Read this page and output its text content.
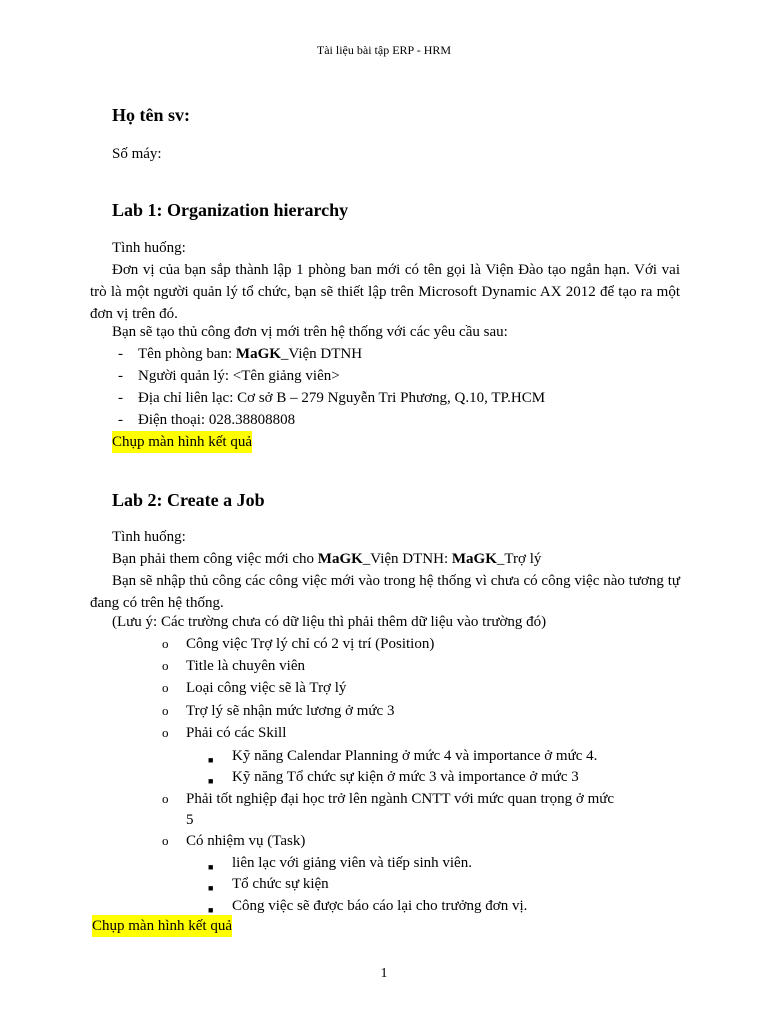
Tài liệu bài tập ERP - HRM
Họ tên sv:
Số máy:
Lab 1: Organization hierarchy
Tình huống:
Đơn vị của bạn sắp thành lập 1 phòng ban mới có tên gọi là Viện Đào tạo ngắn hạn. Với vai trò là một người quản lý tổ chức, bạn sẽ thiết lập trên Microsoft Dynamic AX 2012 để tạo ra một đơn vị trên đó.
Bạn sẽ tạo thủ công đơn vị mới trên hệ thống với các yêu cầu sau:
- Tên phòng ban: MaGK_Viện DTNH
- Người quản lý: <Tên giảng viên>
- Địa chỉ liên lạc: Cơ sở B – 279 Nguyễn Tri Phương, Q.10, TP.HCM
- Điện thoại: 028.38808808
Chụp màn hình kết quả
Lab 2: Create a Job
Tình huống:
Bạn phải them công việc mới cho MaGK_Viện DTNH: MaGK_Trợ lý
Bạn sẽ nhập thủ công các công việc mới vào trong hệ thống vì chưa có công việc nào tương tự đang có trên hệ thống.
(Lưu ý: Các trường chưa có dữ liệu thì phải thêm dữ liệu vào trường đó)
o Công việc Trợ lý chỉ có 2 vị trí (Position)
o Title là chuyên viên
o Loại công việc sẽ là Trợ lý
o Trợ lý sẽ nhận mức lương ở mức 3
o Phải có các Skill
■ Kỹ năng Calendar Planning ở mức 4 và importance ở mức 4.
■ Kỹ năng Tổ chức sự kiện ở mức 3 và importance ở mức 3
o Phải tốt nghiệp đại học trở lên ngành CNTT với mức quan trọng ở mức
5
o Có nhiệm vụ (Task)
■ liên lạc với giảng viên và tiếp sinh viên.
■ Tổ chức sự kiện
■ Công việc sẽ được báo cáo lại cho trưởng đơn vị.
Chụp màn hình kết quả
1
